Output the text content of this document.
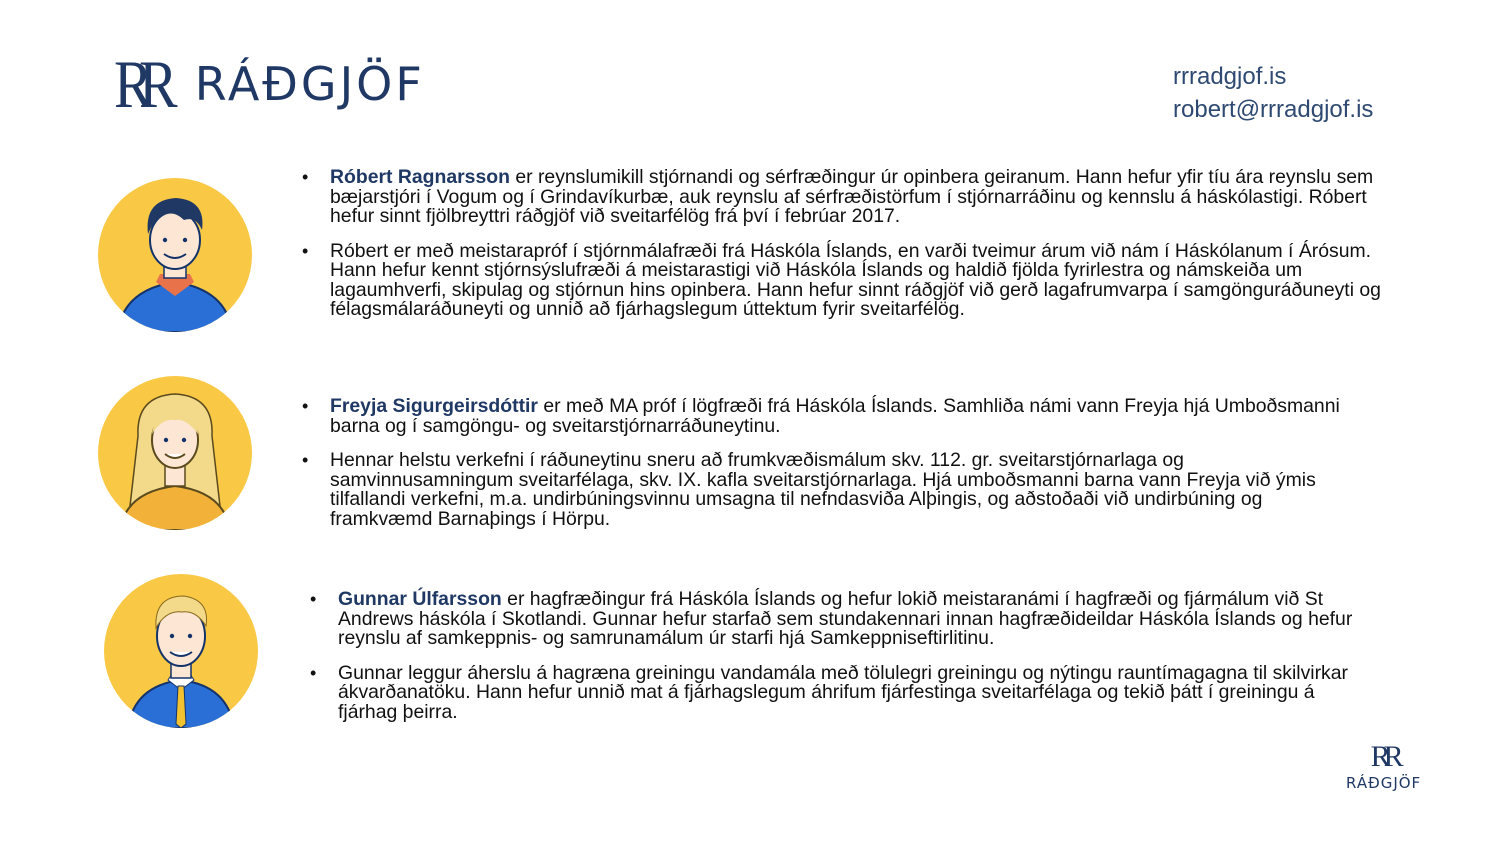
RR RÁÐGJÖF	rrradgjof.is
robert@rrradgjof.is
• Róbert Ragnarsson er reynslumikill stjórnandi og sérfræðingur úr opinbera geiranum. Hann hefur yfir tíu ára reynslu sem bæjarstjóri í Vogum og í Grindavíkurbæ, auk reynslu af sérfræðistörfum í stjórnarráðinu og kennslu á háskólastigi. Róbert hefur sinnt fjölbreyttri ráðgjöf við sveitarfélög frá því í febrúar 2017.
• Róbert er með meistarapróf í stjórnmálafræði frá Háskóla Íslands, en varði tveimur árum við nám í Háskólanum í Árósum. Hann hefur kennt stjórnsýslufræði á meistarastigi við Háskóla Íslands og haldið fjölda fyrirlestra og námskeiða um lagaumhverfi, skipulag og stjórnun hins opinbera. Hann hefur sinnt ráðgjöf við gerð lagafrumvarpa í samgönguráðuneyti og félagsmálaráðuneyti og unnið að fjárhagslegum úttektum fyrir sveitarfélög.
• Freyja Sigurgeirsdóttir er með MA próf í lögfræði frá Háskóla Íslands. Samhliða námi vann Freyja hjá Umboðsmanni barna og í samgöngu- og sveitarstjórnarráðuneytinu.
• Hennar helstu verkefni í ráðuneytinu sneru að frumkvæðismálum skv. 112. gr. sveitarstjórnarlaga og samvinnusamningum sveitarfélaga, skv. IX. kafla sveitarstjórnarlaga. Hjá umboðsmanni barna vann Freyja við ýmis tilfallandi verkefni, m.a. undirbúningsvinnu umsagna til nefndasviða Alþingis, og aðstoðaði við undirbúning og framkvæmd Barnaþings í Hörpu.
• Gunnar Úlfarsson er hagfræðingur frá Háskóla Íslands og hefur lokið meistaranámi í hagfræði og fjármálum við St Andrews háskóla í Skotlandi. Gunnar hefur starfað sem stundakennari innan hagfræðideildar Háskóla Íslands og hefur reynslu af samkeppnis- og samrunamálum úr starfi hjá Samkeppniseftirlitinu.
• Gunnar leggur áherslu á hagræna greiningu vandamála með tölulegri greiningu og nýtingu rauntímagagna til skilvirkar ákvarðanatöku. Hann hefur unnið mat á fjárhagslegum áhrifum fjárfestinga sveitarfélaga og tekið þátt í greiningu á fjárhag þeirra.
RR
RÁÐGJÖF
